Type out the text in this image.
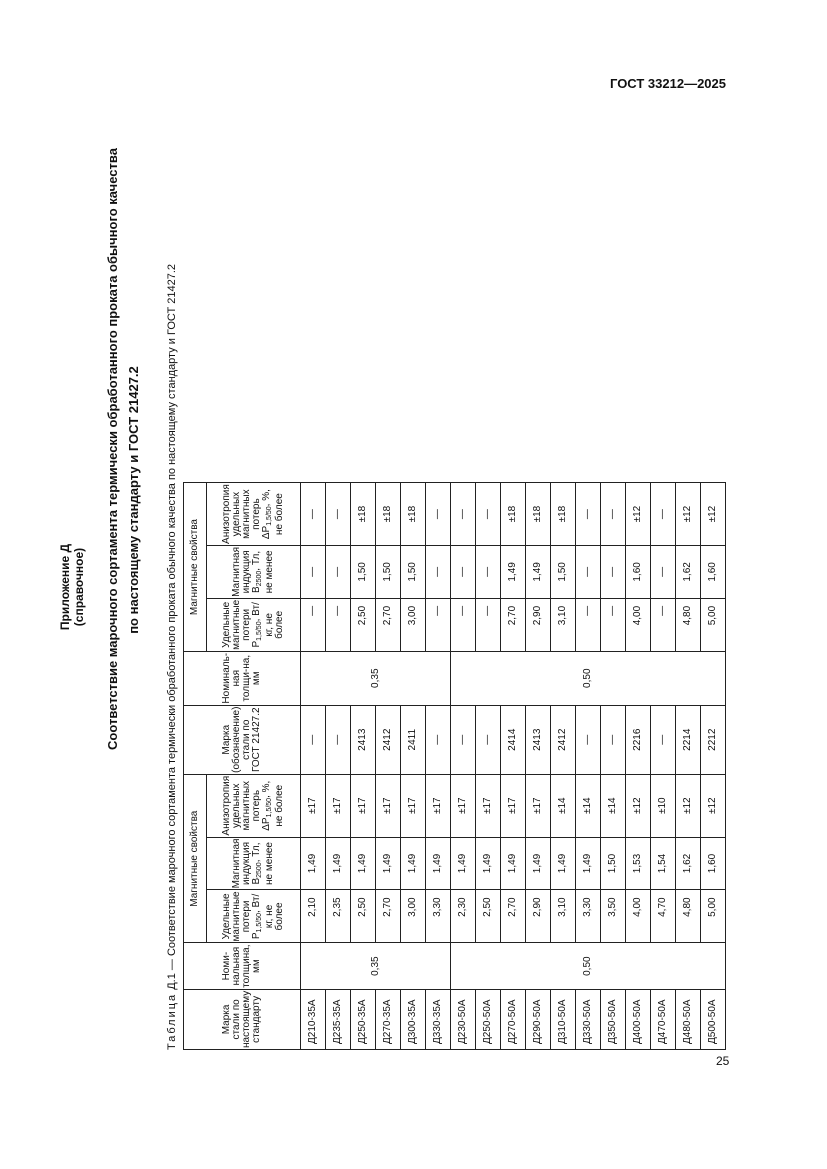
ГОСТ 33212—2025
25
Приложение Д (справочное) Соответствие марочного сортамента термически обработанного проката обычного качества по настоящему стандарту и ГОСТ 21427.2
Таблица Д.1 — Соответствие марочного сортамента термически обработанного проката обычного качества по настоящему стандарту и ГОСТ 21427.2
Марка стали по настоящему стандарту	Номи-нальная толщина, мм	Магнитные свойства			Марка (обозначение) стали по ГОСТ 21427.2	Номиналь-ная толщи-на, мм	Магнитные свойства		
		Удельные магнитные потери $P_{1,5/50}$, Вт/кг, не более	Магнитная индукция $B_{2500}$, Тл, не менее	Анизотропия удельных магнитных потерь $\Delta P_{1,5/50}$, %, не более			Удельные магнитные потери $P_{1,5/50}$, Вт/кг, не более	Магнитная индукция $B_{2500}$, Тл, не менее	Анизотропия удельных магнитных потерь $\Delta P_{1,5/50}$, %, не более
Д210-35А	0,35	2,10	1,49	±17	—	0,35	—	—	—
Д235-35А		2,35	1,49	±17	—		—	—	—
Д250-35А		2,50	1,49	±17	2413		2,50	1,50	±18
Д270-35А		2,70	1,49	±17	2412		2,70	1,50	±18
Д300-35А		3,00	1,49	±17	2411		3,00	1,50	±18
Д330-35А		3,30	1,49	±17	—		—	—	—
Д230-50А	0,50	2,30	1,49	±17	—	0,50	—	—	—
Д250-50А		2,50	1,49	±17	—		—	—	—
Д270-50А		2,70	1,49	±17	2414		2,70	1,49	±18
Д290-50А		2,90	1,49	±17	2413		2,90	1,49	±18
Д310-50А		3,10	1,49	±14	2412		3,10	1,50	±18
Д330-50А		3,30	1,49	±14	—		—	—	—
Д350-50А		3,50	1,50	±14	—		—	—	—
Д400-50А		4,00	1,53	±12	2216		4,00	1,60	±12
Д470-50А		4,70	1,54	±10	—		—	—	—
Д480-50А		4,80	1,62	±12	2214		4,80	1,62	±12
Д500-50А		5,00	1,60	±12	2212		5,00	1,60	±12
